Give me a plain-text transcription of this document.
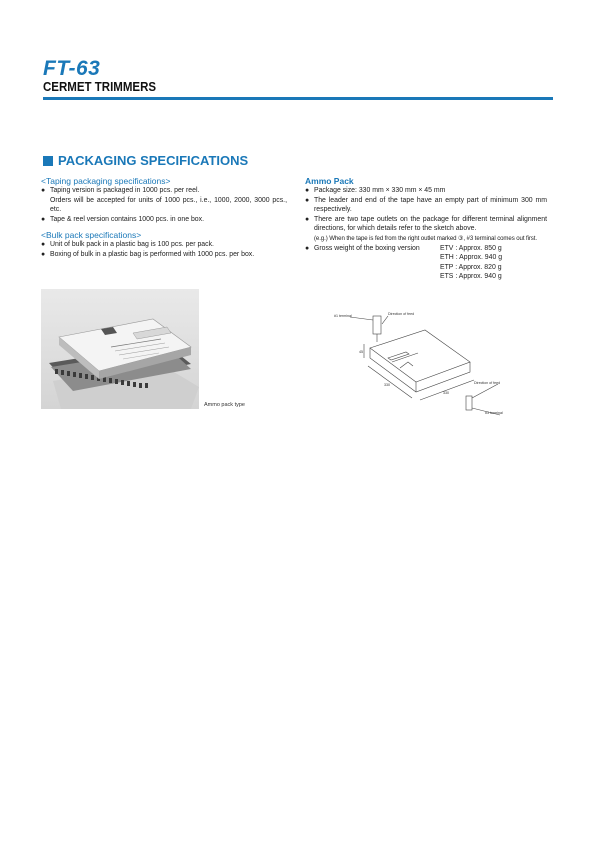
FT-63
CERMET TRIMMERS
PACKAGING SPECIFICATIONS
<Taping packaging specifications>
● Taping version is packaged in 1000 pcs. per reel.
Orders will be accepted for units of 1000 pcs., i.e., 1000, 2000, 3000 pcs., etc.
● Tape & reel version contains 1000 pcs. in one box.
<Bulk pack specifications>
● Unit of bulk pack in a plastic bag is 100 pcs. per pack.
● Boxing of bulk in a plastic bag is performed with 1000 pcs. per box.
Ammo pack type
Ammo Pack
● Package size: 330 mm × 330 mm × 45 mm
● The leader and end of the tape have an empty part of minimum 300 mm respectively.
● There are two tape outlets on the package for different terminal alignment directions, for which details refer to the sketch above.
(e.g.) When the tape is fed from the right outlet marked ③, #3 terminal comes out first.
● Gross weight of the boxing version	ETV : Approx. 850 g
ETH : Approx. 940 g
ETP : Approx. 820 g
ETS : Approx. 940 g
#1 terminal	Direction of feed
Direction of feed
#3 terminal
45
330
330
